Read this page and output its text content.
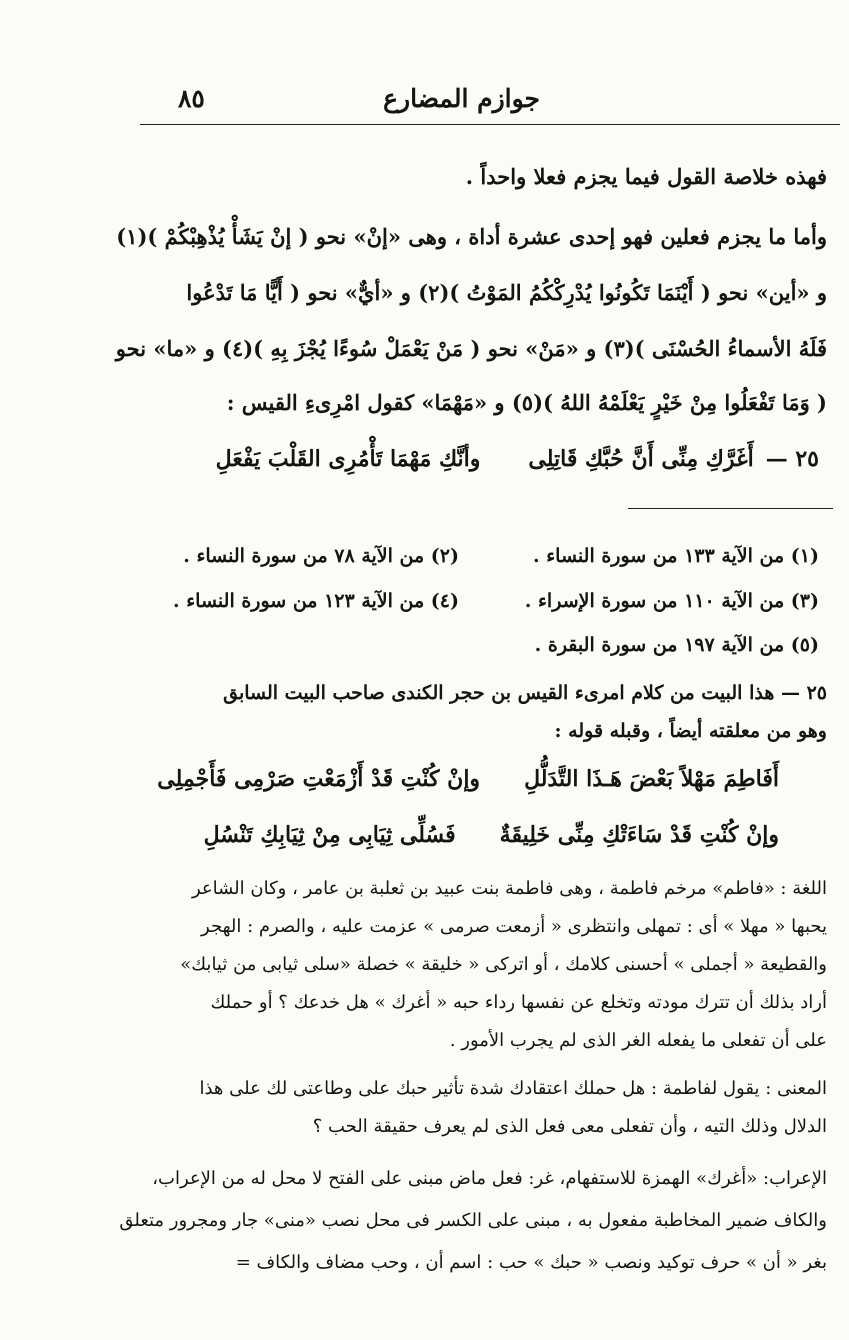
جوازم المضارع
٨٥
فهذه خلاصة القول فيما يجزم فعلا واحداً .
وأما ما يجزم فعلين فهو إحدى عشرة أداة ، وهى «إنْ» نحو ( إنْ يَشَأْ يُذْهِبْكُمْ )(١)
و «أين» نحو ( أَيْنَمَا تَكُونُوا يُدْرِكْكُمُ المَوْتُ )(٢) و «أيٌّ» نحو ( أَيًّا مَا تَدْعُوا
فَلَهُ الأسماءُ الحُسْنَى )(٣) و «مَنْ» نحو ( مَنْ يَعْمَلْ سُوءًا يُجْزَ بِهِ )(٤) و «ما» نحو
( وَمَا تَفْعَلُوا مِنْ خَيْرٍ يَعْلَمْهُ اللهُ )(٥) و «مَهْمَا» كقول امْرِىءِ القيس :
٢٥ —
أَغَرَّكِ مِنِّى أَنَّ حُبَّكِ قَاتِلِى
وأنَّكِ مَهْمَا تَأْمُرِى القَلْبَ يَفْعَلِ
(١) من الآية ١٣٣ من سورة النساء .
(٢) من الآية ٧٨ من سورة النساء .
(٣) من الآية ١١٠ من سورة الإسراء .
(٤) من الآية ١٢٣ من سورة النساء .
(٥) من الآية ١٩٧ من سورة البقرة .
٢٥ — هذا البيت من كلام امرىء القيس بن حجر الكندى صاحب البيت السابق
وهو من معلقته أيضاً ، وقبله قوله :
أَفَاطِمَ مَهْلاً بَعْضَ هَـذَا التَّدَلُّلِ
وإنْ كُنْتِ قَدْ أَزْمَعْتِ صَرْمِى فَأَجْمِلِى
وإنْ كُنْتِ قَدْ سَاءَتْكِ مِنِّى خَلِيقَةٌ
فَسُلِّى ثِيَابِى مِنْ ثِيَابِكِ تَنْسُلِ
اللغة : «فاطم» مرخم فاطمة ، وهى فاطمة بنت عبيد بن ثعلبة بن عامر ، وكان الشاعر
يحبها « مهلا » أى : تمهلى وانتظرى « أزمعت صرمى » عزمت عليه ، والصرم : الهجر
والقطيعة « أجملى » أحسنى كلامك ، أو اتركى « خليقة » خصلة «سلى ثيابى من ثيابك»
أراد بذلك أن تترك مودته وتخلع عن نفسها رداء حبه « أغرك » هل خدعك ؟ أو حملك
على أن تفعلى ما يفعله الغر الذى لم يجرب الأمور .
المعنى : يقول لفاطمة : هل حملك اعتقادك شدة تأثير حبك على وطاعتى لك على هذا
الدلال وذلك التيه ، وأن تفعلى معى فعل الذى لم يعرف حقيقة الحب ؟
الإعراب: «أغرك» الهمزة للاستفهام، غر: فعل ماض مبنى على الفتح لا محل له من الإعراب،
والكاف ضمير المخاطبة مفعول به ، مبنى على الكسر فى محل نصب «منى» جار ومجرور متعلق
بغر « أن » حرف توكيد ونصب « حبك » حب : اسم أن ، وحب مضاف والكاف =
